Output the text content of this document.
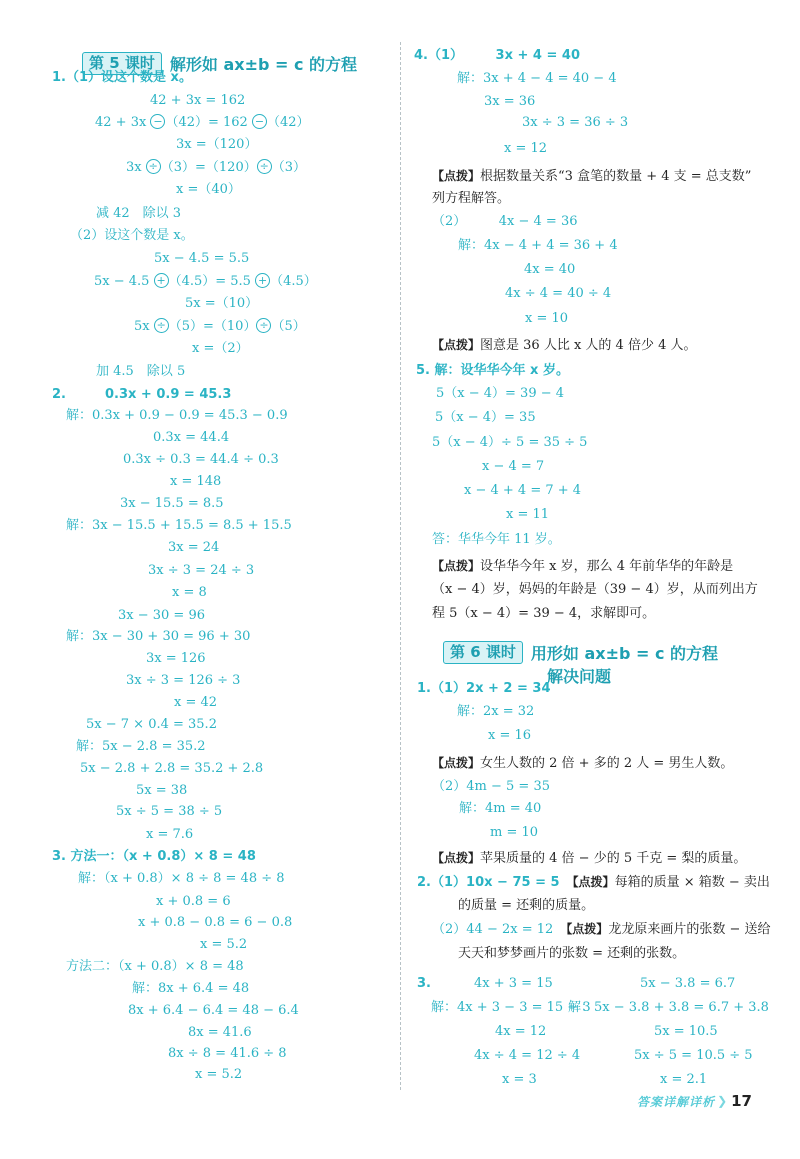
第 5 课时 解形如 ax±b = c 的方程
1.（1）设这个数是 x。
42 + 3x = 162
42 + 3x − （42）= 162 − （42）
3x =（120）
3x ÷ （3）=（120） ÷ （3）
x =（40）
减 42　除以 3
（2）设这个数是 x。
5x − 4.5 = 5.5
5x − 4.5 + （4.5）= 5.5 + （4.5）
5x =（10）
5x ÷ （5）=（10） ÷ （5）
x =（2）
加 4.5　除以 5
2.　　　0.3x + 0.9 = 45.3
解：0.3x + 0.9 − 0.9 = 45.3 − 0.9
0.3x = 44.4
0.3x ÷ 0.3 = 44.4 ÷ 0.3
x = 148
3x − 15.5 = 8.5
解：3x − 15.5 + 15.5 = 8.5 + 15.5
3x = 24
3x ÷ 3 = 24 ÷ 3
x = 8
3x − 30 = 96
解：3x − 30 + 30 = 96 + 30
3x = 126
3x ÷ 3 = 126 ÷ 3
x = 42
5x − 7 × 0.4 = 35.2
解：5x − 2.8 = 35.2
5x − 2.8 + 2.8 = 35.2 + 2.8
5x = 38
5x ÷ 5 = 38 ÷ 5
x = 7.6
3. 方法一：（x + 0.8）× 8 = 48
解：（x + 0.8）× 8 ÷ 8 = 48 ÷ 8
x + 0.8 = 6
x + 0.8 − 0.8 = 6 − 0.8
x = 5.2
方法二：（x + 0.8）× 8 = 48
解：8x + 6.4 = 48
8x + 6.4 − 6.4 = 48 − 6.4
8x = 41.6
8x ÷ 8 = 41.6 ÷ 8
x = 5.2
4.（1）　　　3x + 4 = 40
解：3x + 4 − 4 = 40 − 4
3x = 36
3x ÷ 3 = 36 ÷ 3
x = 12
【点拨】根据数量关系“3 盒笔的数量 + 4 支 = 总支数”
列方程解答。
（2）　　　4x − 4 = 36
解：4x − 4 + 4 = 36 + 4
4x = 40
4x ÷ 4 = 40 ÷ 4
x = 10
【点拨】图意是 36 人比 x 人的 4 倍少 4 人。
5. 解：设华华今年 x 岁。
5（x − 4）= 39 − 4
5（x − 4）= 35
5（x − 4）÷ 5 = 35 ÷ 5
x − 4 = 7
x − 4 + 4 = 7 + 4
x = 11
答：华华今年 11 岁。
【点拨】设华华今年 x 岁，那么 4 年前华华的年龄是
（x − 4）岁，妈妈的年龄是（39 − 4）岁，从而列出方
程 5（x − 4）= 39 − 4，求解即可。
第 6 课时 用形如 ax±b = c 的方程
解决问题
1.（1）2x + 2 = 34
解：2x = 32
x = 16
【点拨】女生人数的 2 倍 + 多的 2 人 = 男生人数。
（2）4m − 5 = 35
解：4m = 40
m = 10
【点拨】苹果质量的 4 倍 − 少的 5 千克 = 梨的质量。
2.（1）10x − 75 = 5　 【点拨】每箱的质量 × 箱数 − 卖出
的质量 = 还剩的质量。
（2）44 − 2x = 12　 【点拨】龙龙原来画片的张数 − 送给
天天和梦梦画片的张数 = 还剩的张数。
3.	4x + 3 = 15
解：4x + 3 − 3 = 15 − 3
4x = 12
4x ÷ 4 = 12 ÷ 4
x = 3
5x − 3.8 = 6.7
解：5x − 3.8 + 3.8 = 6.7 + 3.8
5x = 10.5
5x ÷ 5 = 10.5 ÷ 5
x = 2.1
答案详解详析 ❯ 17
